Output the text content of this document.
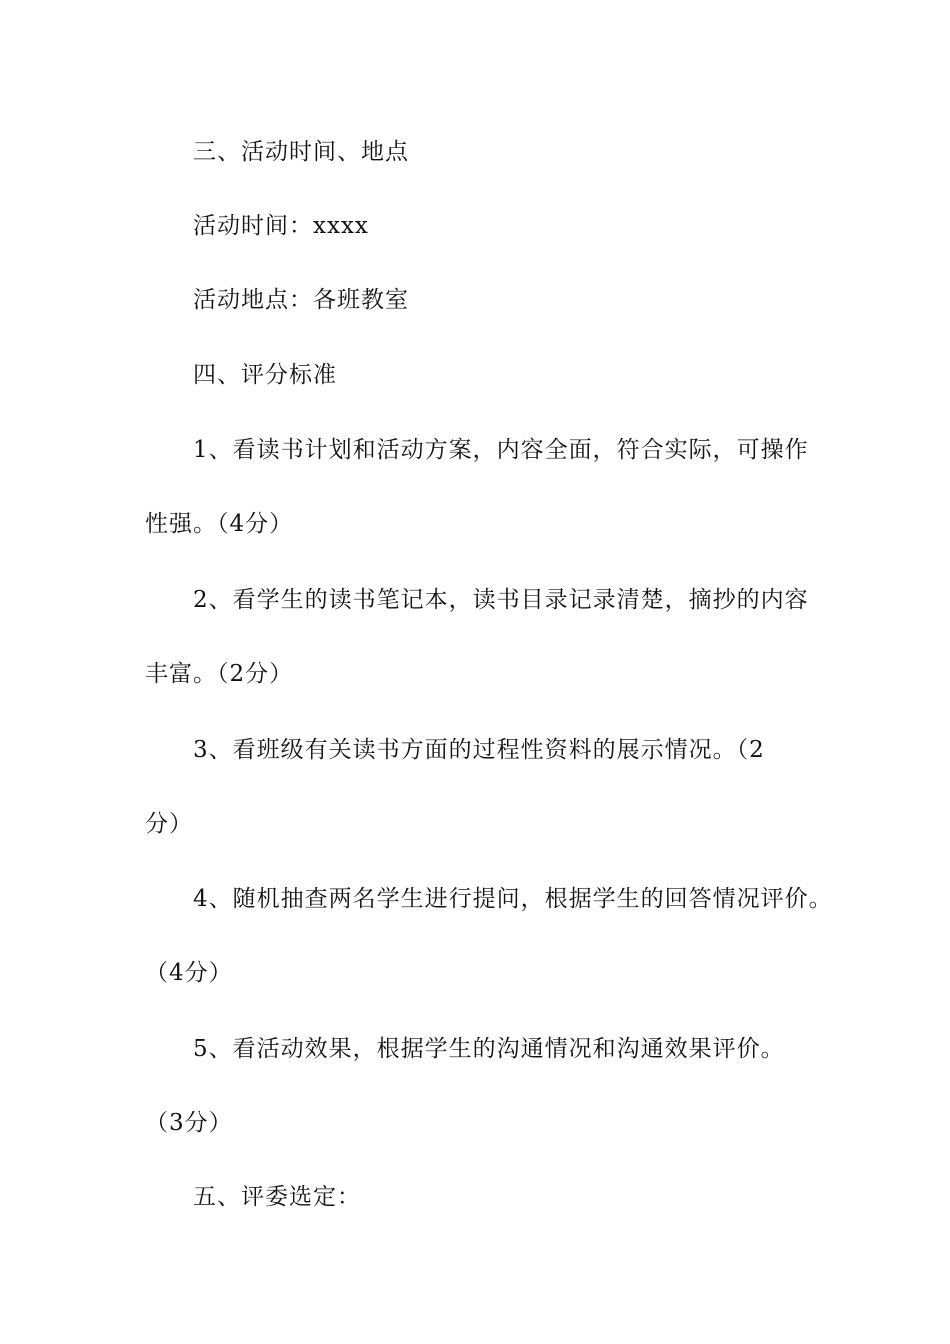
三、活动时间、地点
活动时间：xxxx
活动地点：各班教室
四、评分标准
1、看读书计划和活动方案，内容全面，符合实际，可操作
性强。（4分）
2、看学生的读书笔记本，读书目录记录清楚，摘抄的内容
丰富。（2分）
3、看班级有关读书方面的过程性资料的展示情况。（2
分）
4、随机抽查两名学生进行提问，根据学生的回答情况评价。
（4分）
5、看活动效果，根据学生的沟通情况和沟通效果评价。
（3分）
五、评委选定：
